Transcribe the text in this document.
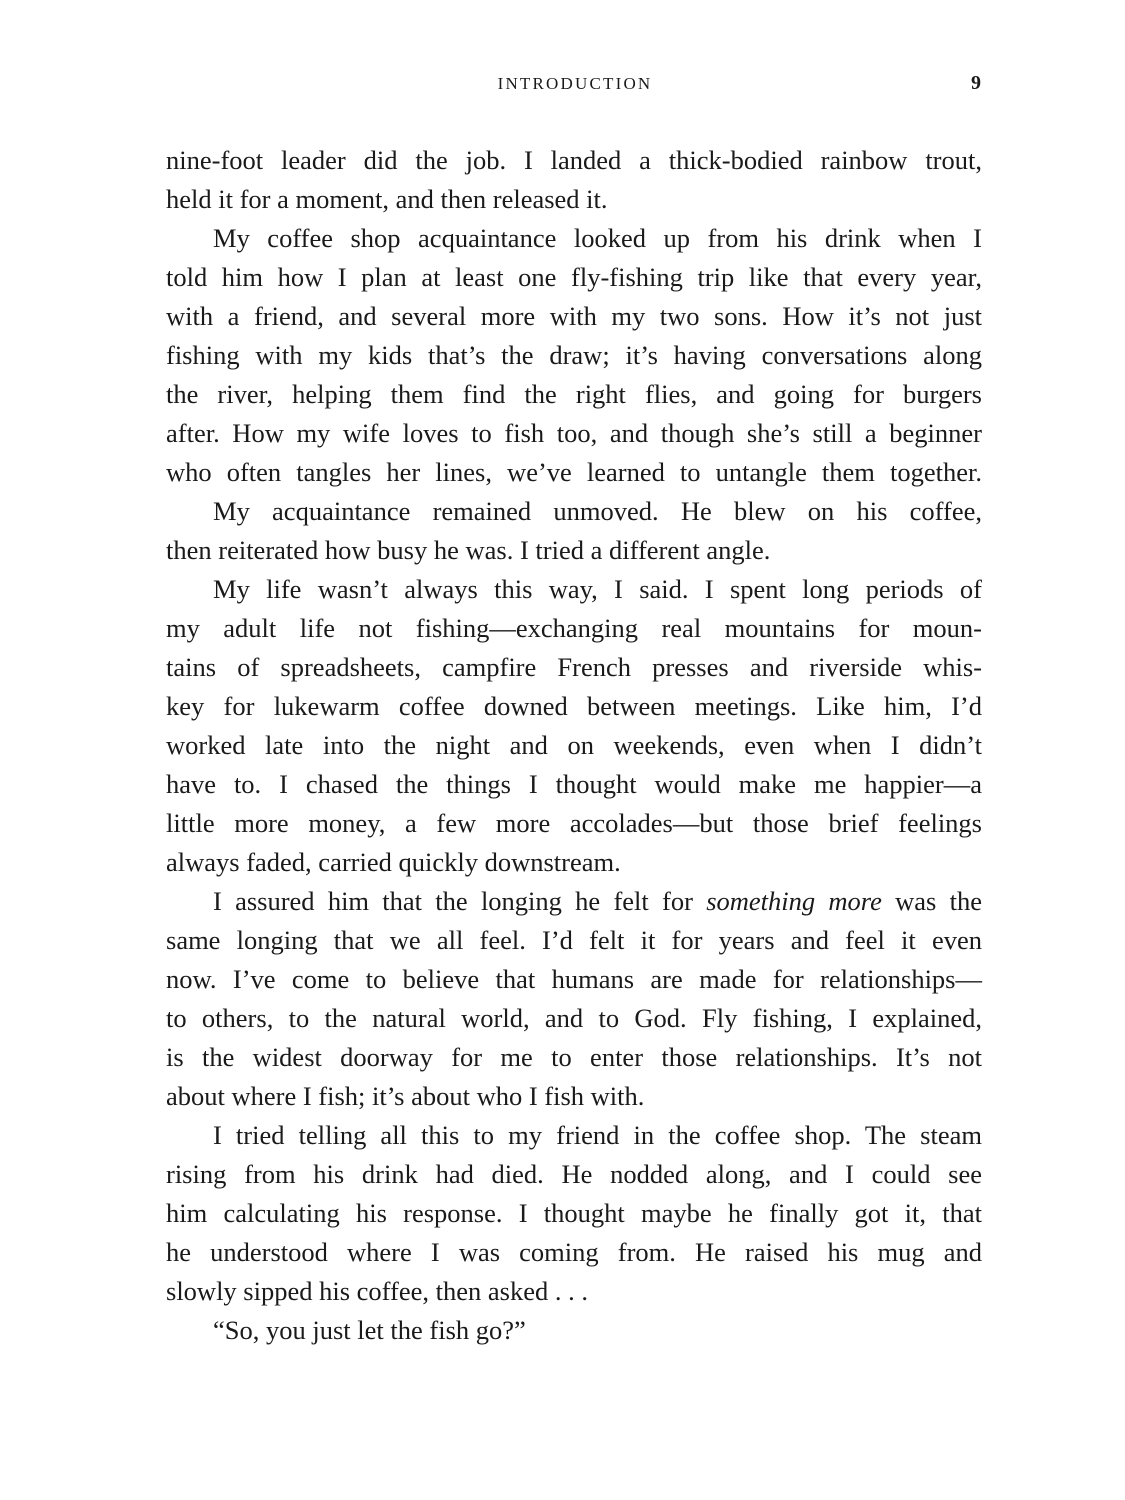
INTRODUCTION	9
nine-foot leader did the job. I landed a thick-bodied rainbow trout,
held it for a moment, and then released it.
My coffee shop acquaintance looked up from his drink when I
told him how I plan at least one fly-fishing trip like that every year,
with a friend, and several more with my two sons. How it’s not just
fishing with my kids that’s the draw; it’s having conversations along
the river, helping them find the right flies, and going for burgers
after. How my wife loves to fish too, and though she’s still a beginner
who often tangles her lines, we’ve learned to untangle them together.
My acquaintance remained unmoved. He blew on his coffee,
then reiterated how busy he was. I tried a different angle.
My life wasn’t always this way, I said. I spent long periods of
my adult life not fishing—exchanging real mountains for moun-
tains of spreadsheets, campfire French presses and riverside whis-
key for lukewarm coffee downed between meetings. Like him, I’d
worked late into the night and on weekends, even when I didn’t
have to. I chased the things I thought would make me happier—a
little more money, a few more accolades—but those brief feelings
always faded, carried quickly downstream.
I assured him that the longing he felt for something more was the
same longing that we all feel. I’d felt it for years and feel it even
now. I’ve come to believe that humans are made for relationships—
to others, to the natural world, and to God. Fly fishing, I explained,
is the widest doorway for me to enter those relationships. It’s not
about where I fish; it’s about who I fish with.
I tried telling all this to my friend in the coffee shop. The steam
rising from his drink had died. He nodded along, and I could see
him calculating his response. I thought maybe he finally got it, that
he understood where I was coming from. He raised his mug and
slowly sipped his coffee, then asked . . .
“So, you just let the fish go?”
